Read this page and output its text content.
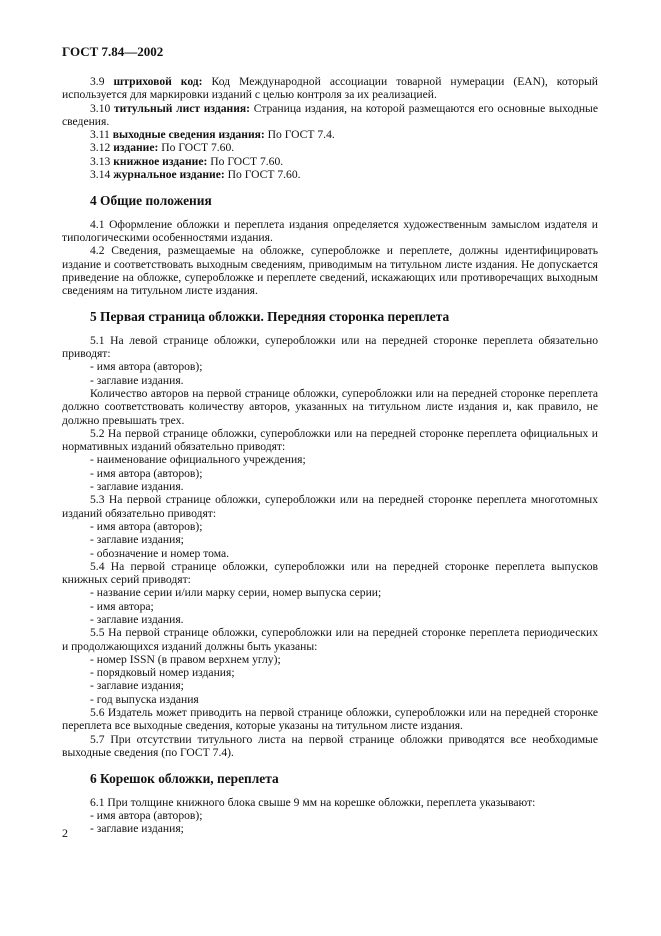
ГОСТ 7.84—2002

3.9 штриховой код: Код Международной ассоциации товарной нумерации (EAN), который используется для маркировки изданий с целью контроля за их реализацией.

3.10 титульный лист издания: Страница издания, на которой размещаются его основные выходные сведения.

3.11 выходные сведения издания: По ГОСТ 7.4.

3.12 издание: По ГОСТ 7.60.

3.13 книжное издание: По ГОСТ 7.60.

3.14 журнальное издание: По ГОСТ 7.60.

4 Общие положения

4.1 Оформление обложки и переплета издания определяется художественным замыслом издателя и типологическими особенностями издания.

4.2 Сведения, размещаемые на обложке, суперобложке и переплете, должны идентифицировать издание и соответствовать выходным сведениям, приводимым на титульном листе издания. Не допускается приведение на обложке, суперобложке и переплете сведений, искажающих или противоречащих выходным сведениям на титульном листе издания.

5 Первая страница обложки. Передняя сторонка переплета

5.1 На левой странице обложки, суперобложки или на передней сторонке переплета обязательно приводят:

- имя автора (авторов);

- заглавие издания.

Количество авторов на первой странице обложки, суперобложки или на передней сторонке переплета должно соответствовать количеству авторов, указанных на титульном листе издания и, как правило, не должно превышать трех.

5.2 На первой странице обложки, суперобложки или на передней сторонке переплета официальных и нормативных изданий обязательно приводят:

- наименование официального учреждения;

- имя автора (авторов);

- заглавие издания.

5.3 На первой странице обложки, суперобложки или на передней сторонке переплета многотомных изданий обязательно приводят:

- имя автора (авторов);

- заглавие издания;

- обозначение и номер тома.

5.4 На первой странице обложки, суперобложки или на передней сторонке переплета выпусков книжных серий приводят:

- название серии и/или марку серии, номер выпуска серии;

- имя автора;

- заглавие издания.

5.5 На первой странице обложки, суперобложки или на передней сторонке переплета периодических и продолжающихся изданий должны быть указаны:

- номер ISSN (в правом верхнем углу);

- порядковый номер издания;

- заглавие издания;

- год выпуска издания

5.6 Издатель может приводить на первой странице обложки, суперобложки или на передней сторонке переплета все выходные сведения, которые указаны на титульном листе издания.

5.7 При отсутствии титульного листа на первой странице обложки приводятся все необходимые выходные сведения (по ГОСТ 7.4).

6 Корешок обложки, переплета

6.1 При толщине книжного блока свыше 9 мм на корешке обложки, переплета указывают:

- имя автора (авторов);

- заглавие издания;

2
